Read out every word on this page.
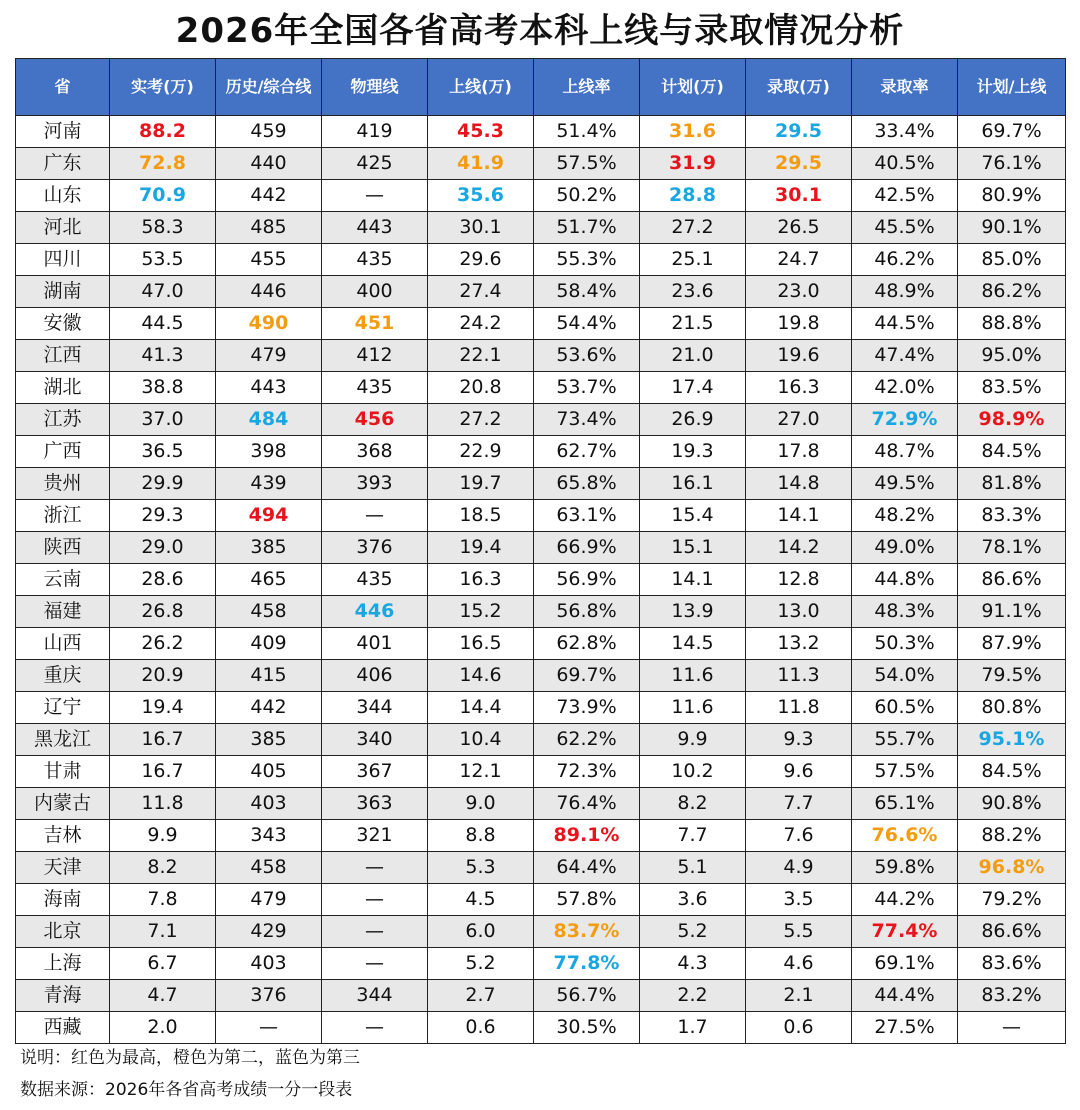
2026年全国各省高考本科上线与录取情况分析
省	实考(万)	历史/综合线	物理线	上线(万)	上线率	计划(万)	录取(万)	录取率	计划/上线
河南	88.2	459	419	45.3	51.4%	31.6	29.5	33.4%	69.7%
广东	72.8	440	425	41.9	57.5%	31.9	29.5	40.5%	76.1%
山东	70.9	442	—	35.6	50.2%	28.8	30.1	42.5%	80.9%
河北	58.3	485	443	30.1	51.7%	27.2	26.5	45.5%	90.1%
四川	53.5	455	435	29.6	55.3%	25.1	24.7	46.2%	85.0%
湖南	47.0	446	400	27.4	58.4%	23.6	23.0	48.9%	86.2%
安徽	44.5	490	451	24.2	54.4%	21.5	19.8	44.5%	88.8%
江西	41.3	479	412	22.1	53.6%	21.0	19.6	47.4%	95.0%
湖北	38.8	443	435	20.8	53.7%	17.4	16.3	42.0%	83.5%
江苏	37.0	484	456	27.2	73.4%	26.9	27.0	72.9%	98.9%
广西	36.5	398	368	22.9	62.7%	19.3	17.8	48.7%	84.5%
贵州	29.9	439	393	19.7	65.8%	16.1	14.8	49.5%	81.8%
浙江	29.3	494	—	18.5	63.1%	15.4	14.1	48.2%	83.3%
陕西	29.0	385	376	19.4	66.9%	15.1	14.2	49.0%	78.1%
云南	28.6	465	435	16.3	56.9%	14.1	12.8	44.8%	86.6%
福建	26.8	458	446	15.2	56.8%	13.9	13.0	48.3%	91.1%
山西	26.2	409	401	16.5	62.8%	14.5	13.2	50.3%	87.9%
重庆	20.9	415	406	14.6	69.7%	11.6	11.3	54.0%	79.5%
辽宁	19.4	442	344	14.4	73.9%	11.6	11.8	60.5%	80.8%
黑龙江	16.7	385	340	10.4	62.2%	9.9	9.3	55.7%	95.1%
甘肃	16.7	405	367	12.1	72.3%	10.2	9.6	57.5%	84.5%
内蒙古	11.8	403	363	9.0	76.4%	8.2	7.7	65.1%	90.8%
吉林	9.9	343	321	8.8	89.1%	7.7	7.6	76.6%	88.2%
天津	8.2	458	—	5.3	64.4%	5.1	4.9	59.8%	96.8%
海南	7.8	479	—	4.5	57.8%	3.6	3.5	44.2%	79.2%
北京	7.1	429	—	6.0	83.7%	5.2	5.5	77.4%	86.6%
上海	6.7	403	—	5.2	77.8%	4.3	4.6	69.1%	83.6%
青海	4.7	376	344	2.7	56.7%	2.2	2.1	44.4%	83.2%
西藏	2.0	—	—	0.6	30.5%	1.7	0.6	27.5%	—
说明：红色为最高，橙色为第二，蓝色为第三
数据来源：2026年各省高考成绩一分一段表
